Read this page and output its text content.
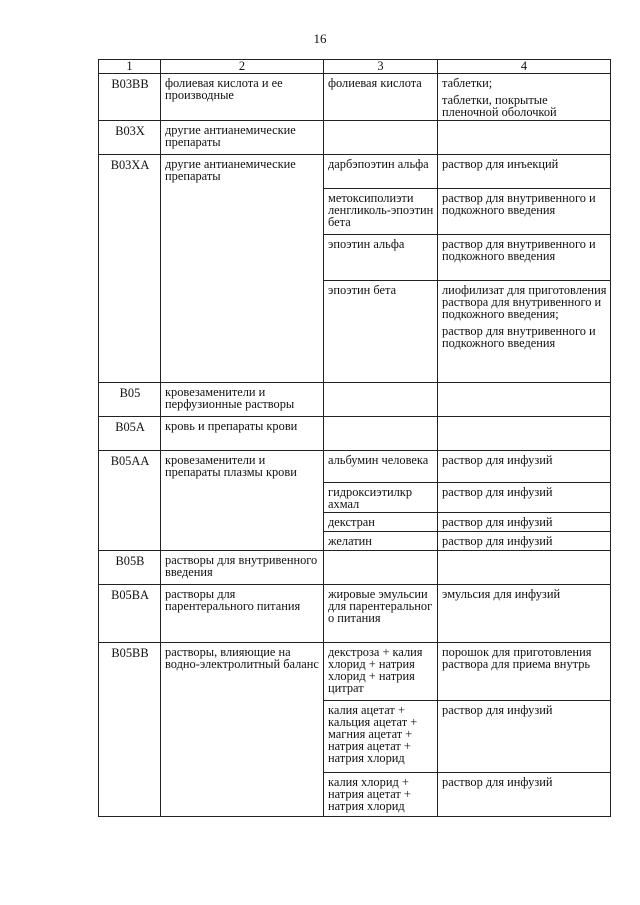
16
1	2	3	4
B03BB	фолиевая кислота и ее производные	фолиевая кислота	таблетки;
таблетки, покрытые пленочной оболочкой

B03X	другие антианемические препараты		
B03XA	другие антианемические препараты	дарбэпоэтин альфа	раствор для инъекций
		метоксиполиэти ленгликоль-эпоэтин бета	раствор для внутривенного и подкожного введения
		эпоэтин альфа	раствор для внутривенного и подкожного введения
		эпоэтин бета	лиофилизат для приготовления раствора для внутривенного и подкожного введения;
раствор для внутривенного и подкожного введения

B05	кровезаменители и перфузионные растворы		
B05A	кровь и препараты крови		
B05AA	кровезаменители и препараты плазмы крови	альбумин человека	раствор для инфузий
		гидроксиэтилкр ахмал	раствор для инфузий
		декстран	раствор для инфузий
		желатин	раствор для инфузий
B05B	растворы для внутривенного введения		
B05BA	растворы для парентерального питания	жировые эмульсии для парентеральног о питания	эмульсия для инфузий
B05BB	растворы, влияющие на водно-электролитный баланс	декстроза + калия хлорид + натрия хлорид + натрия цитрат	порошок для приготовления раствора для приема внутрь
		калия ацетат + кальция ацетат + магния ацетат + натрия ацетат + натрия хлорид	раствор для инфузий
		калия хлорид + натрия ацетат + натрия хлорид	раствор для инфузий
